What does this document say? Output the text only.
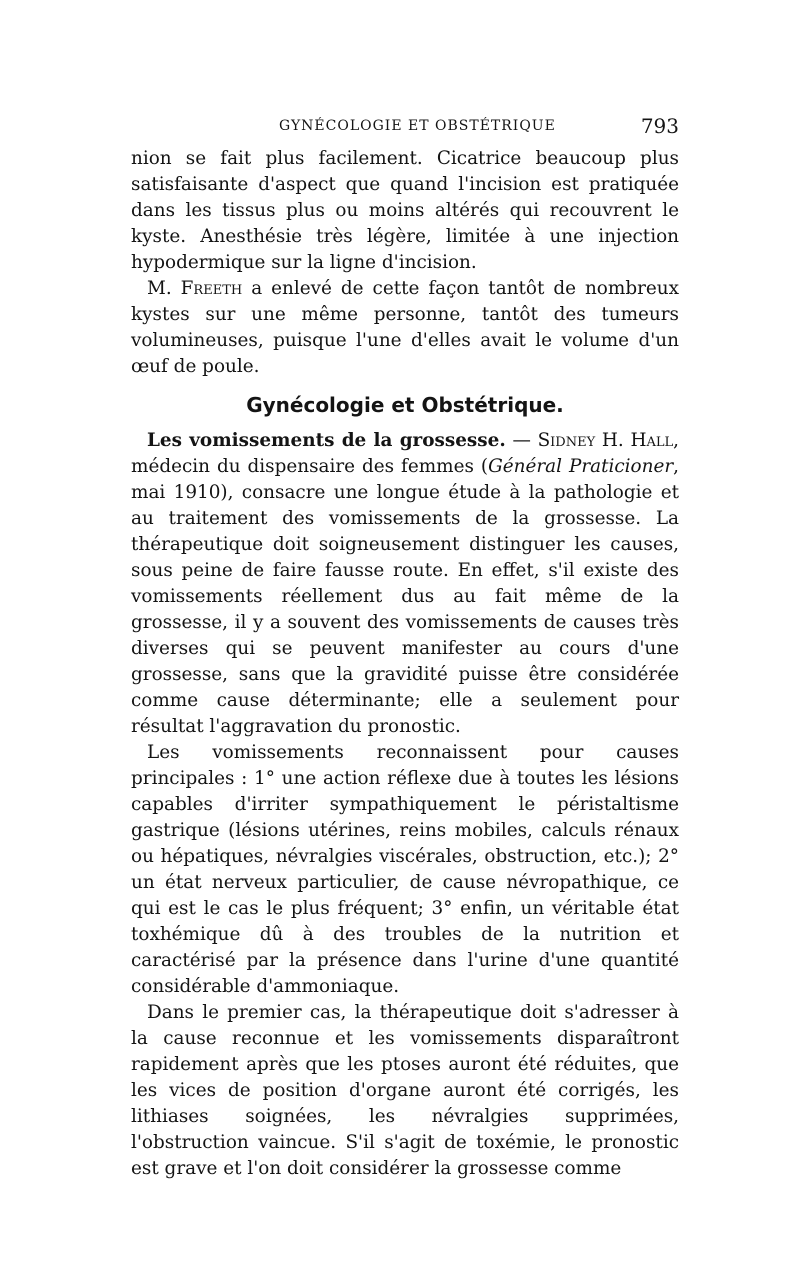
GYNÉCOLOGIE ET OBSTÉTRIQUE	793

nion se fait plus facilement. Cicatrice beaucoup plus satisfaisante d'aspect que quand l'incision est pratiquée dans les tissus plus ou moins altérés qui recouvrent le kyste. Anesthésie très légère, limitée à une injection hypodermique sur la ligne d'incision.

M. Freeth a enlevé de cette façon tantôt de nombreux kystes sur une même personne, tantôt des tumeurs volumineuses, puisque l'une d'elles avait le volume d'un œuf de poule.

Gynécologie et Obstétrique.

Les vomissements de la grossesse. — Sidney H. Hall, médecin du dispensaire des femmes (Général Praticioner, mai 1910), consacre une longue étude à la pathologie et au traitement des vomissements de la grossesse. La thérapeutique doit soigneusement distinguer les causes, sous peine de faire fausse route. En effet, s'il existe des vomissements réellement dus au fait même de la grossesse, il y a souvent des vomissements de causes très diverses qui se peuvent manifester au cours d'une grossesse, sans que la gravidité puisse être considérée comme cause déterminante; elle a seulement pour résultat l'aggravation du pronostic.

Les vomissements reconnaissent pour causes principales : 1° une action réflexe due à toutes les lésions capables d'irriter sympathiquement le péristaltisme gastrique (lésions utérines, reins mobiles, calculs rénaux ou hépatiques, névralgies viscérales, obstruction, etc.); 2° un état nerveux particulier, de cause névropathique, ce qui est le cas le plus fréquent; 3° enfin, un véritable état toxhémique dû à des troubles de la nutrition et caractérisé par la présence dans l'urine d'une quantité considérable d'ammoniaque.

Dans le premier cas, la thérapeutique doit s'adresser à la cause reconnue et les vomissements disparaîtront rapidement après que les ptoses auront été réduites, que les vices de position d'organe auront été corrigés, les lithiases soignées, les névralgies supprimées, l'obstruction vaincue. S'il s'agit de toxémie, le pronostic est grave et l'on doit considérer la grossesse comme
